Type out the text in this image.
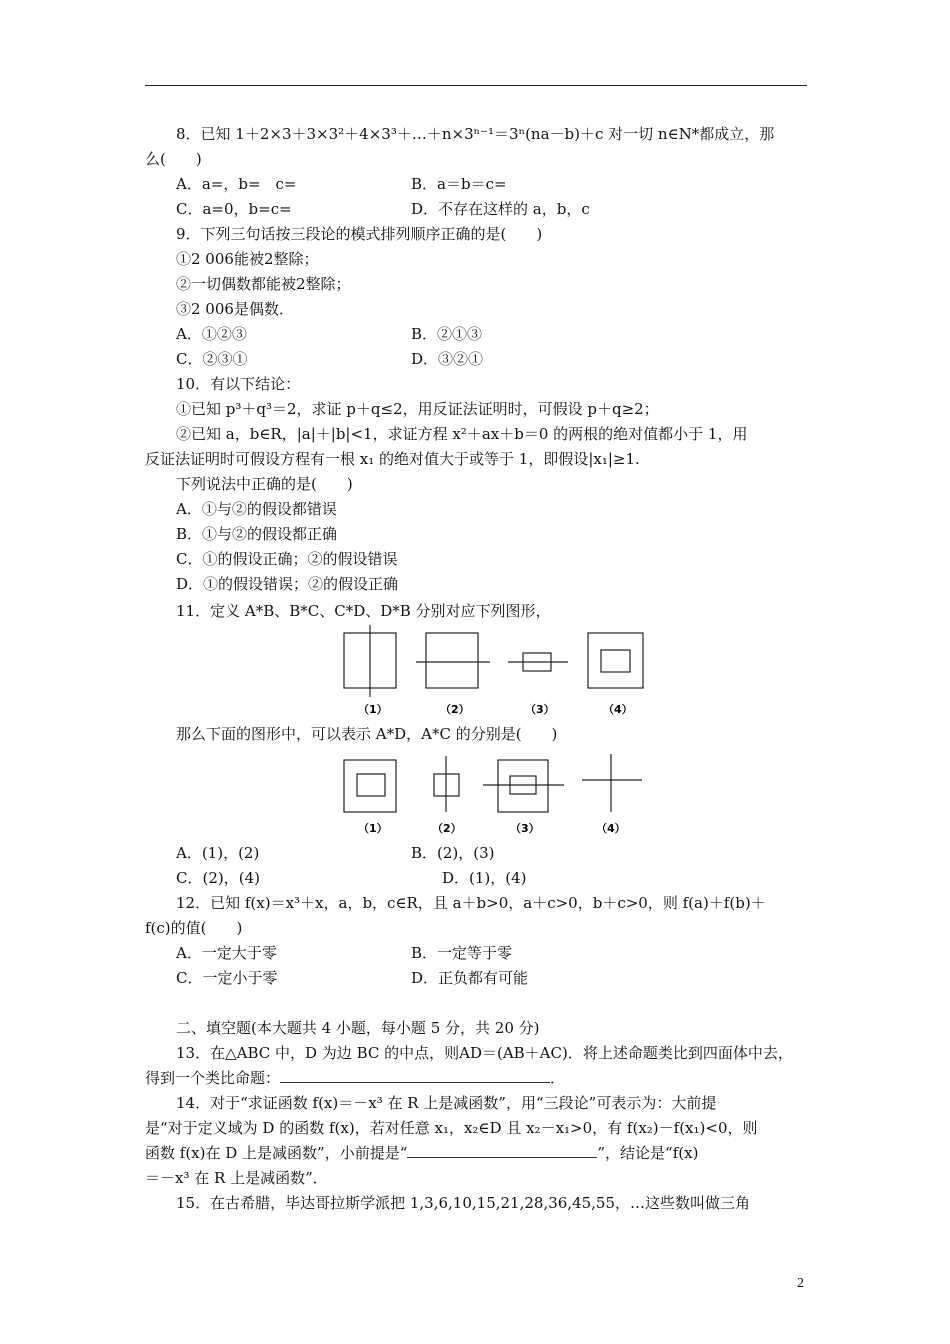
8．已知 1＋2×3＋3×3²＋4×3³＋…＋n×3ⁿ⁻¹＝3ⁿ(na－b)＋c 对一切 n∈N*都成立，那
么(　　)
A．a=，b=　c=	B．a＝b＝c=
C．a=0，b=c=	D．不存在这样的 a，b，c
9．下列三句话按三段论的模式排列顺序正确的是(　　)
①2 006能被2整除；
②一切偶数都能被2整除；
③2 006是偶数．
A．①②③	B．②①③
C．②③①	D．③②①
10．有以下结论：
①已知 p³＋q³＝2，求证 p＋q≤2，用反证法证明时，可假设 p＋q≥2；
②已知 a，b∈R，|a|＋|b|<1，求证方程 x²＋ax＋b＝0 的两根的绝对值都小于 1，用
反证法证明时可假设方程有一根 x₁ 的绝对值大于或等于 1，即假设|x₁|≥1.
下列说法中正确的是(　　)
A．①与②的假设都错误
B．①与②的假设都正确
C．①的假设正确；②的假设错误
D．①的假设错误；②的假设正确
11．定义 A*B、B*C、C*D、D*B 分别对应下列图形，
（1）	（2）	（3）	（4）
那么下面的图形中，可以表示 A*D，A*C 的分别是(　　)
（1）	（2）	（3）	（4）
A．(1)，(2)	B．(2)，(3)
C．(2)，(4)	D．(1)，(4)
12．已知 f(x)＝x³＋x，a，b，c∈R，且 a＋b>0，a＋c>0，b＋c>0，则 f(a)＋f(b)＋
f(c)的值(　　)
A．一定大于零	B．一定等于零
C．一定小于零	D．正负都有可能
二、填空题(本大题共 4 小题，每小题 5 分，共 20 分)
13．在△ABC 中，D 为边 BC 的中点，则AD＝(AB＋AC)．将上述命题类比到四面体中去，
得到一个类比命题：	．
14．对于“求证函数 f(x)＝－x³ 在 R 上是减函数”，用“三段论”可表示为：大前提
是“对于定义域为 D 的函数 f(x)，若对任意 x₁，x₂∈D 且 x₂－x₁>0，有 f(x₂)－f(x₁)<0，则
函数 f(x)在 D 上是减函数”，小前提是“	”，结论是“f(x)
＝－x³ 在 R 上是减函数”．
15．在古希腊，毕达哥拉斯学派把 1,3,6,10,15,21,28,36,45,55，…这些数叫做三角
2
